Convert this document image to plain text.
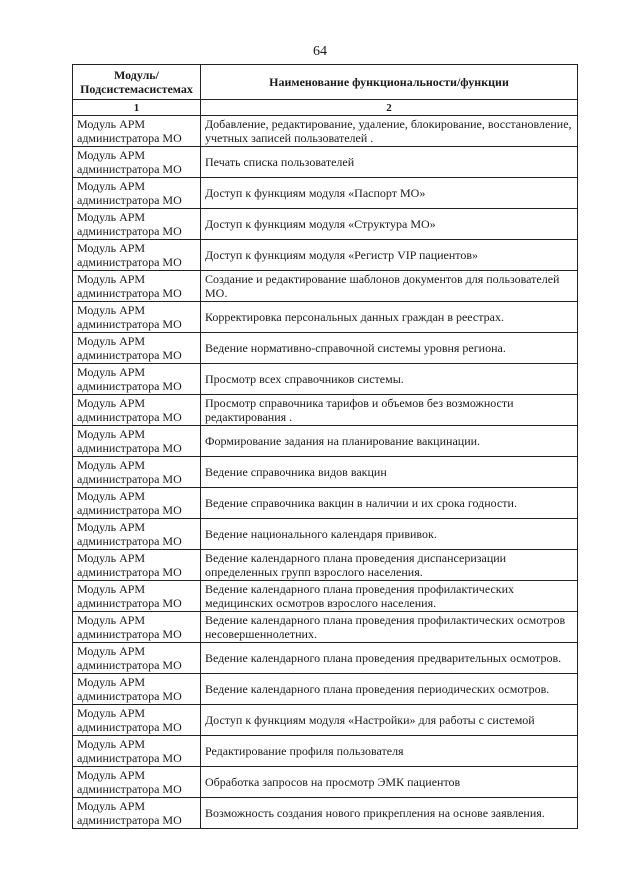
64
Модуль/ Подсистемасистемах	Наименование функциональности/функции
1	2
Модуль АРМ администратора МО	Добавление, редактирование, удаление, блокирование, восстановление, учетных записей пользователей .
Модуль АРМ администратора МО	Печать списка пользователей
Модуль АРМ администратора МО	Доступ к функциям модуля «Паспорт МО»
Модуль АРМ администратора МО	Доступ к функциям модуля «Структура МО»
Модуль АРМ администратора МО	Доступ к функциям модуля «Регистр VIP пациентов»
Модуль АРМ администратора МО	Создание и редактирование шаблонов документов для пользователей МО.
Модуль АРМ администратора МО	Корректировка персональных данных граждан в реестрах.
Модуль АРМ администратора МО	Ведение нормативно-справочной системы уровня региона.
Модуль АРМ администратора МО	Просмотр всех справочников системы.
Модуль АРМ администратора МО	Просмотр справочника тарифов и объемов без возможности редактирования .
Модуль АРМ администратора МО	Формирование задания на планирование вакцинации.
Модуль АРМ администратора МО	Ведение справочника видов вакцин
Модуль АРМ администратора МО	Ведение справочника вакцин в наличии и их срока годности.
Модуль АРМ администратора МО	Ведение национального календаря прививок.
Модуль АРМ администратора МО	Ведение календарного плана проведения диспансеризации определенных групп взрослого населения.
Модуль АРМ администратора МО	Ведение календарного плана проведения профилактических медицинских осмотров взрослого населения.
Модуль АРМ администратора МО	Ведение календарного плана проведения профилактических осмотров несовершеннолетних.
Модуль АРМ администратора МО	Ведение календарного плана проведения предварительных осмотров.
Модуль АРМ администратора МО	Ведение календарного плана проведения периодических осмотров.
Модуль АРМ администратора МО	Доступ к функциям модуля «Настройки» для работы с системой
Модуль АРМ администратора МО	Редактирование профиля пользователя
Модуль АРМ администратора МО	Обработка запросов на просмотр ЭМК пациентов
Модуль АРМ администратора МО	Возможность создания нового прикрепления на основе заявления.
